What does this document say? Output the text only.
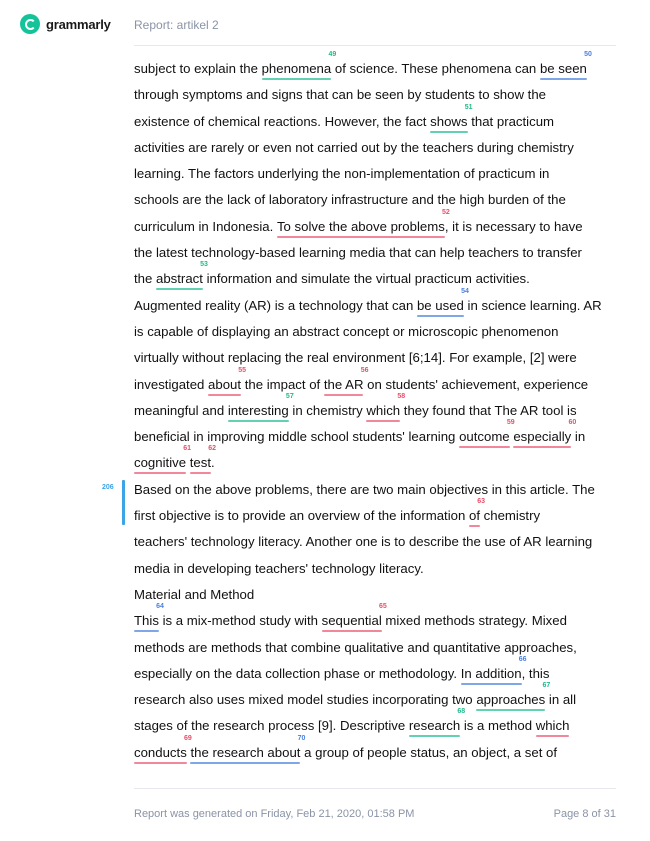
grammarly Report: artikel 2
subject to explain the phenomena
49
of science. These phenomena can be seen
50
through symptoms and signs that can be seen by students to show the
existence of chemical reactions. However, the fact shows
51
that practicum
activities are rarely or even not carried out by the teachers during chemistry
learning. The factors underlying the non-implementation of practicum in
schools are the lack of laboratory infrastructure and the high burden of the
curriculum in Indonesia. To solve the above problems
52
, it is necessary to have
the latest technology-based learning media that can help teachers to transfer
the abstract
53
information and simulate the virtual practicum activities.
Augmented reality (AR) is a technology that can be used
54
in science learning. AR
is capable of displaying an abstract concept or microscopic phenomenon
virtually without replacing the real environment [6;14]. For example, [2] were
investigated about
55
the impact of the AR
56
on students' achievement, experience
meaningful and interesting
57
in chemistry which
58
they found that The AR tool is
beneficial in improving middle school students' learning outcome
59
especially
60
in
cognitive
61
test
62
.
206 Based on the above problems, there are two main objectives in this article. The
first objective is to provide an overview of the information of
63
chemistry
teachers' technology literacy. Another one is to describe the use of AR learning
media in developing teachers' technology literacy.
Material and Method
This
64
is a mix-method study with sequential
65
mixed methods strategy. Mixed
methods are methods that combine qualitative and quantitative approaches,
especially on the data collection phase or methodology. In addition
66
, this
research also uses mixed model studies incorporating two approaches
67
in all
stages of the research process [9]. Descriptive research
68
is a method which
conducts
69
the research about
70
a group of people status, an object, a set of
Report was generated on Friday, Feb 21, 2020, 01:58 PM	Page 8 of 31
